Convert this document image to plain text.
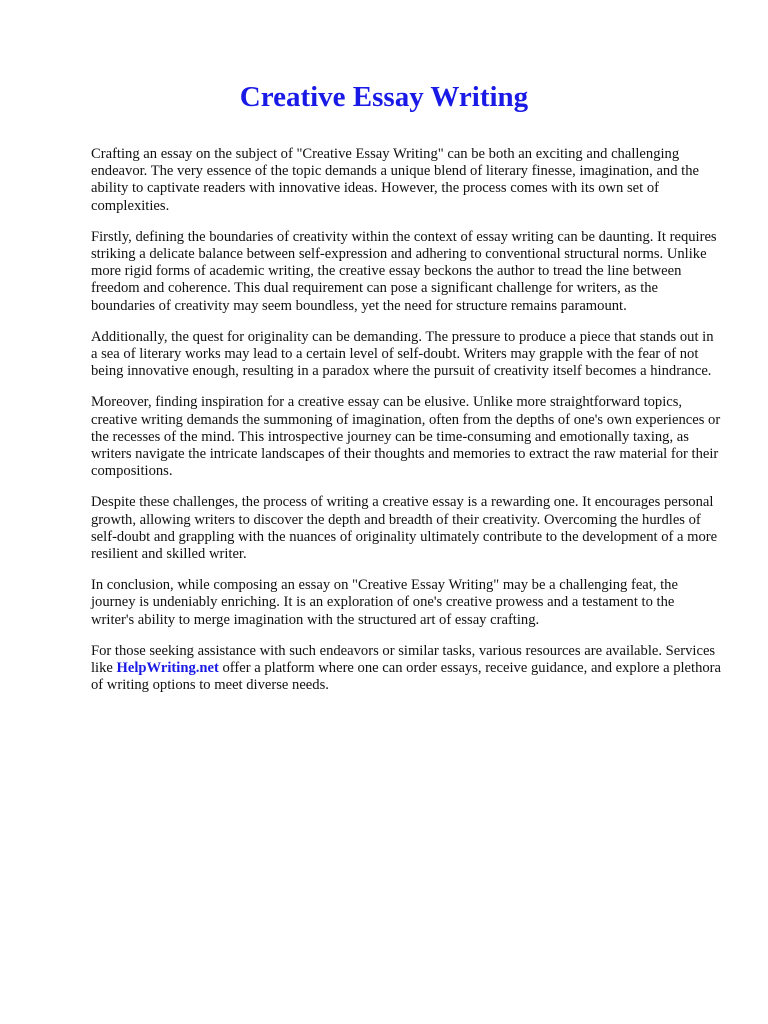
Creative Essay Writing

Crafting an essay on the subject of "Creative Essay Writing" can be both an exciting and challenging endeavor. The very essence of the topic demands a unique blend of literary finesse, imagination, and the ability to captivate readers with innovative ideas. However, the process comes with its own set of complexities.

Firstly, defining the boundaries of creativity within the context of essay writing can be daunting. It requires striking a delicate balance between self-expression and adhering to conventional structural norms. Unlike more rigid forms of academic writing, the creative essay beckons the author to tread the line between freedom and coherence. This dual requirement can pose a significant challenge for writers, as the boundaries of creativity may seem boundless, yet the need for structure remains paramount.

Additionally, the quest for originality can be demanding. The pressure to produce a piece that stands out in a sea of literary works may lead to a certain level of self-doubt. Writers may grapple with the fear of not being innovative enough, resulting in a paradox where the pursuit of creativity itself becomes a hindrance.

Moreover, finding inspiration for a creative essay can be elusive. Unlike more straightforward topics, creative writing demands the summoning of imagination, often from the depths of one's own experiences or the recesses of the mind. This introspective journey can be time-consuming and emotionally taxing, as writers navigate the intricate landscapes of their thoughts and memories to extract the raw material for their compositions.

Despite these challenges, the process of writing a creative essay is a rewarding one. It encourages personal growth, allowing writers to discover the depth and breadth of their creativity. Overcoming the hurdles of self-doubt and grappling with the nuances of originality ultimately contribute to the development of a more resilient and skilled writer.

In conclusion, while composing an essay on "Creative Essay Writing" may be a challenging feat, the journey is undeniably enriching. It is an exploration of one's creative prowess and a testament to the writer's ability to merge imagination with the structured art of essay crafting.

For those seeking assistance with such endeavors or similar tasks, various resources are available. Services like HelpWriting.net offer a platform where one can order essays, receive guidance, and explore a plethora of writing options to meet diverse needs.
